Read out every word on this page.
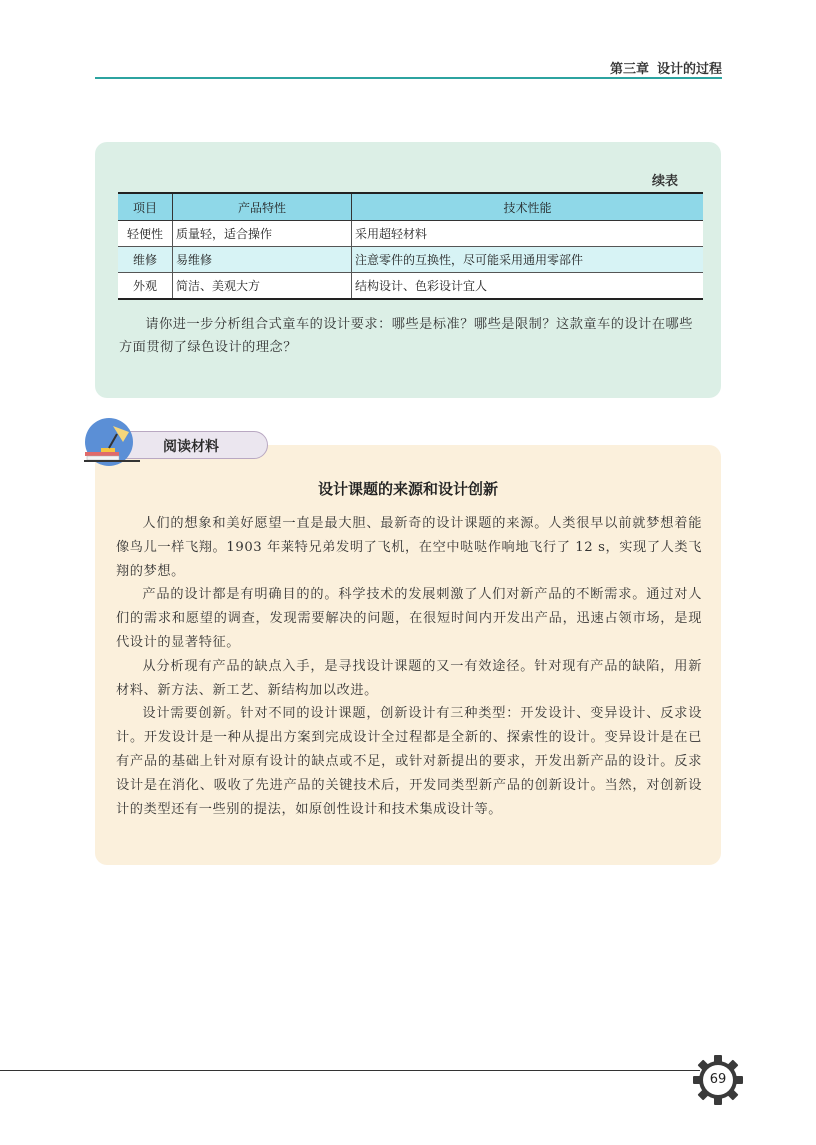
第三章 设计的过程
续表
项目	产品特性	技术性能
轻便性	质量轻，适合操作	采用超轻材料
维修	易维修	注意零件的互换性，尽可能采用通用零部件
外观	简洁、美观大方	结构设计、色彩设计宜人
请你进一步分析组合式童车的设计要求：哪些是标准？哪些是限制？这款童车的设计在哪些方面贯彻了绿色设计的理念？
阅读材料
设计课题的来源和设计创新

人们的想象和美好愿望一直是最大胆、最新奇的设计课题的来源。人类很早以前就梦想着能像鸟儿一样飞翔。1903 年莱特兄弟发明了飞机，在空中哒哒作响地飞行了 12 s，实现了人类飞翔的梦想。

产品的设计都是有明确目的的。科学技术的发展刺激了人们对新产品的不断需求。通过对人们的需求和愿望的调查，发现需要解决的问题，在很短时间内开发出产品，迅速占领市场，是现代设计的显著特征。

从分析现有产品的缺点入手，是寻找设计课题的又一有效途径。针对现有产品的缺陷，用新材料、新方法、新工艺、新结构加以改进。

设计需要创新。针对不同的设计课题，创新设计有三种类型：开发设计、变异设计、反求设计。开发设计是一种从提出方案到完成设计全过程都是全新的、探索性的设计。变异设计是在已有产品的基础上针对原有设计的缺点或不足，或针对新提出的要求，开发出新产品的设计。反求设计是在消化、吸收了先进产品的关键技术后，开发同类型新产品的创新设计。当然，对创新设计的类型还有一些别的提法，如原创性设计和技术集成设计等。

69
